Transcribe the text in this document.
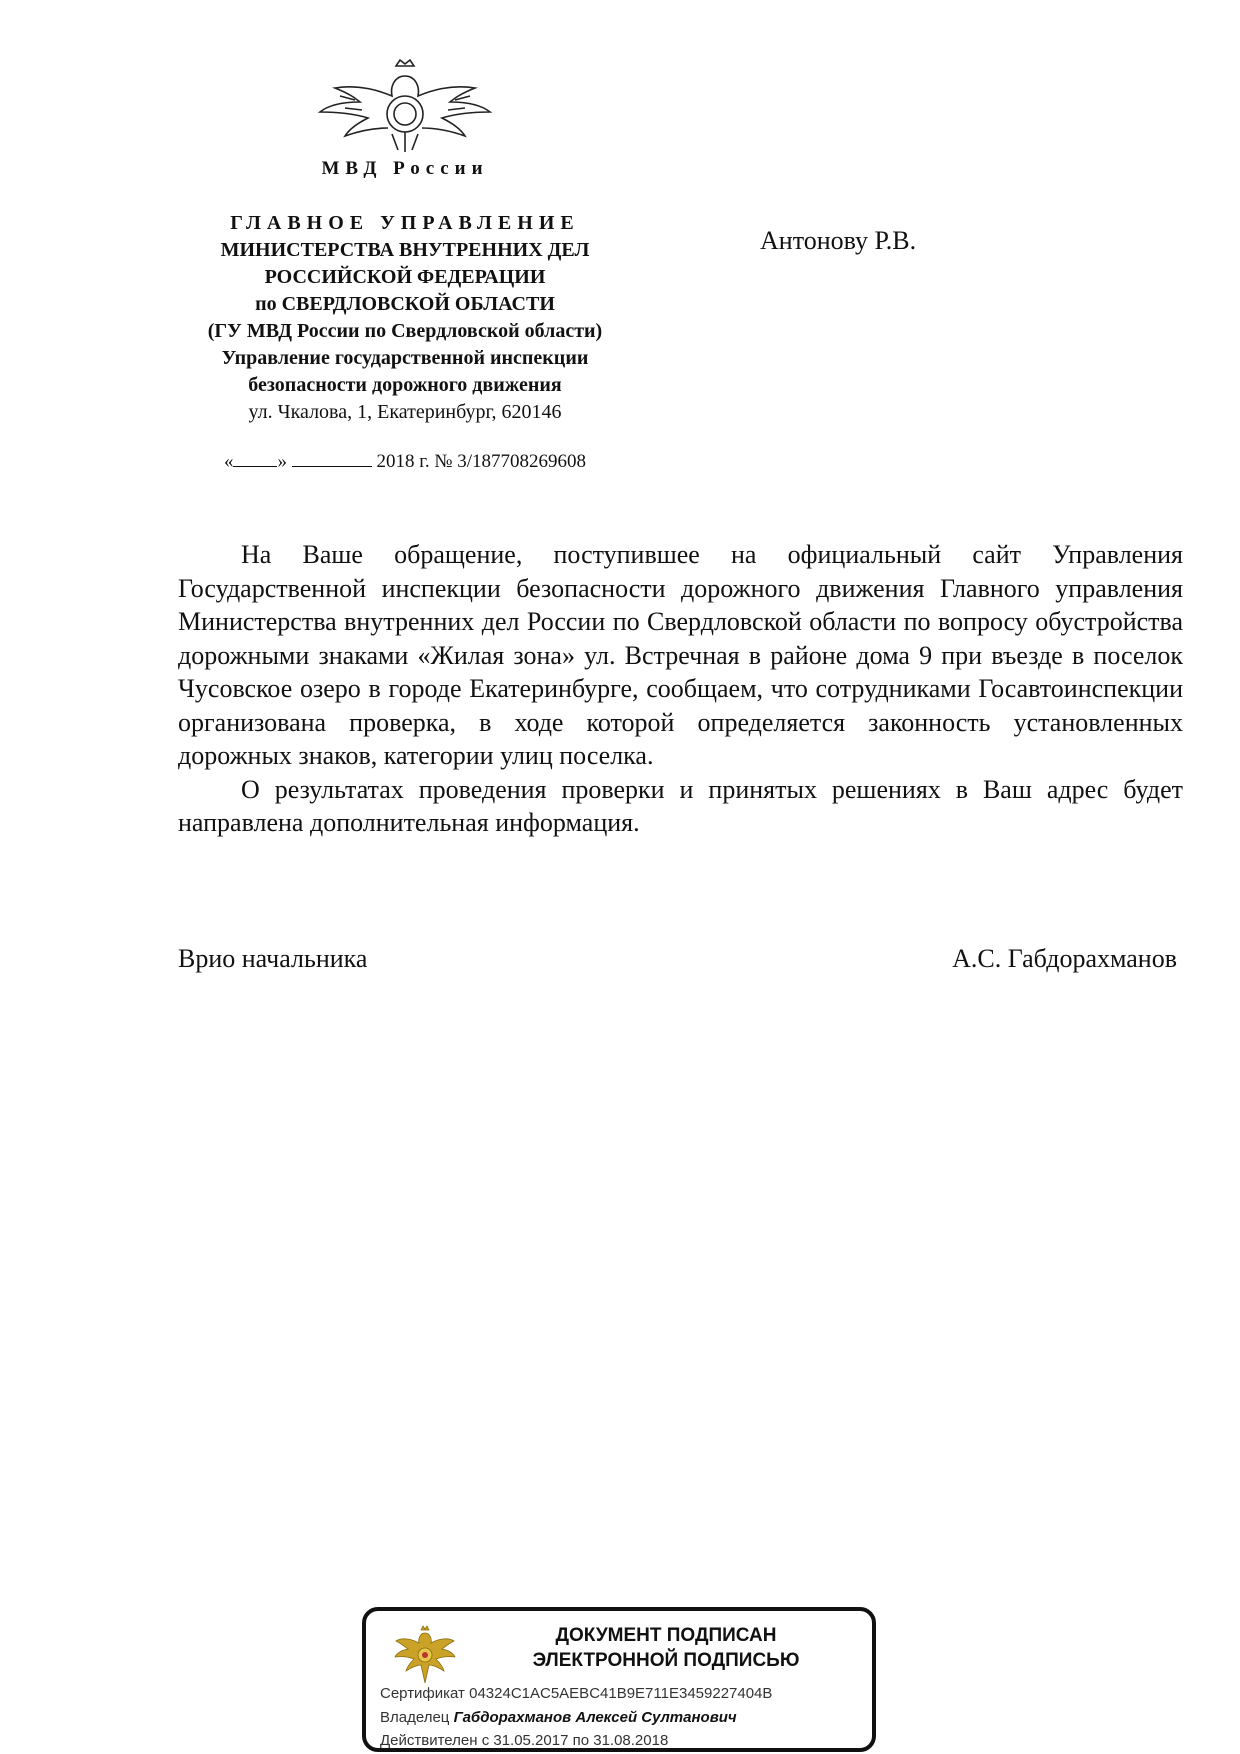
МВД России
ГЛАВНОЕ УПРАВЛЕНИЕ
МИНИСТЕРСТВА ВНУТРЕННИХ ДЕЛ
РОССИЙСКОЙ ФЕДЕРАЦИИ
по СВЕРДЛОВСКОЙ ОБЛАСТИ
(ГУ МВД России по Свердловской области)
Управление государственной инспекции
безопасности дорожного движения
ул. Чкалова, 1, Екатеринбург, 620146
« »	2018 г. № 3/187708269608
Антонову Р.В.

На Ваше обращение, поступившее на официальный сайт Управления Государственной инспекции безопасности дорожного движения Главного управления Министерства внутренних дел России по Свердловской области по вопросу обустройства дорожными знаками «Жилая зона» ул. Встречная в районе дома 9 при въезде в поселок Чусовское озеро в городе Екатеринбурге, сообщаем, что сотрудниками Госавтоинспекции организована проверка, в ходе которой определяется законность установленных дорожных знаков, категории улиц поселка.

О результатах проведения проверки и принятых решениях в Ваш адрес будет направлена дополнительная информация.

Врио начальника	А.С. Габдорахманов
ДОКУМЕНТ ПОДПИСАН
ЭЛЕКТРОННОЙ ПОДПИСЬЮ
Сертификат 04324C1AC5AEBC41B9E711E3459227404B
Владелец Габдорахманов Алексей Султанович
Действителен с 31.05.2017 по 31.08.2018
